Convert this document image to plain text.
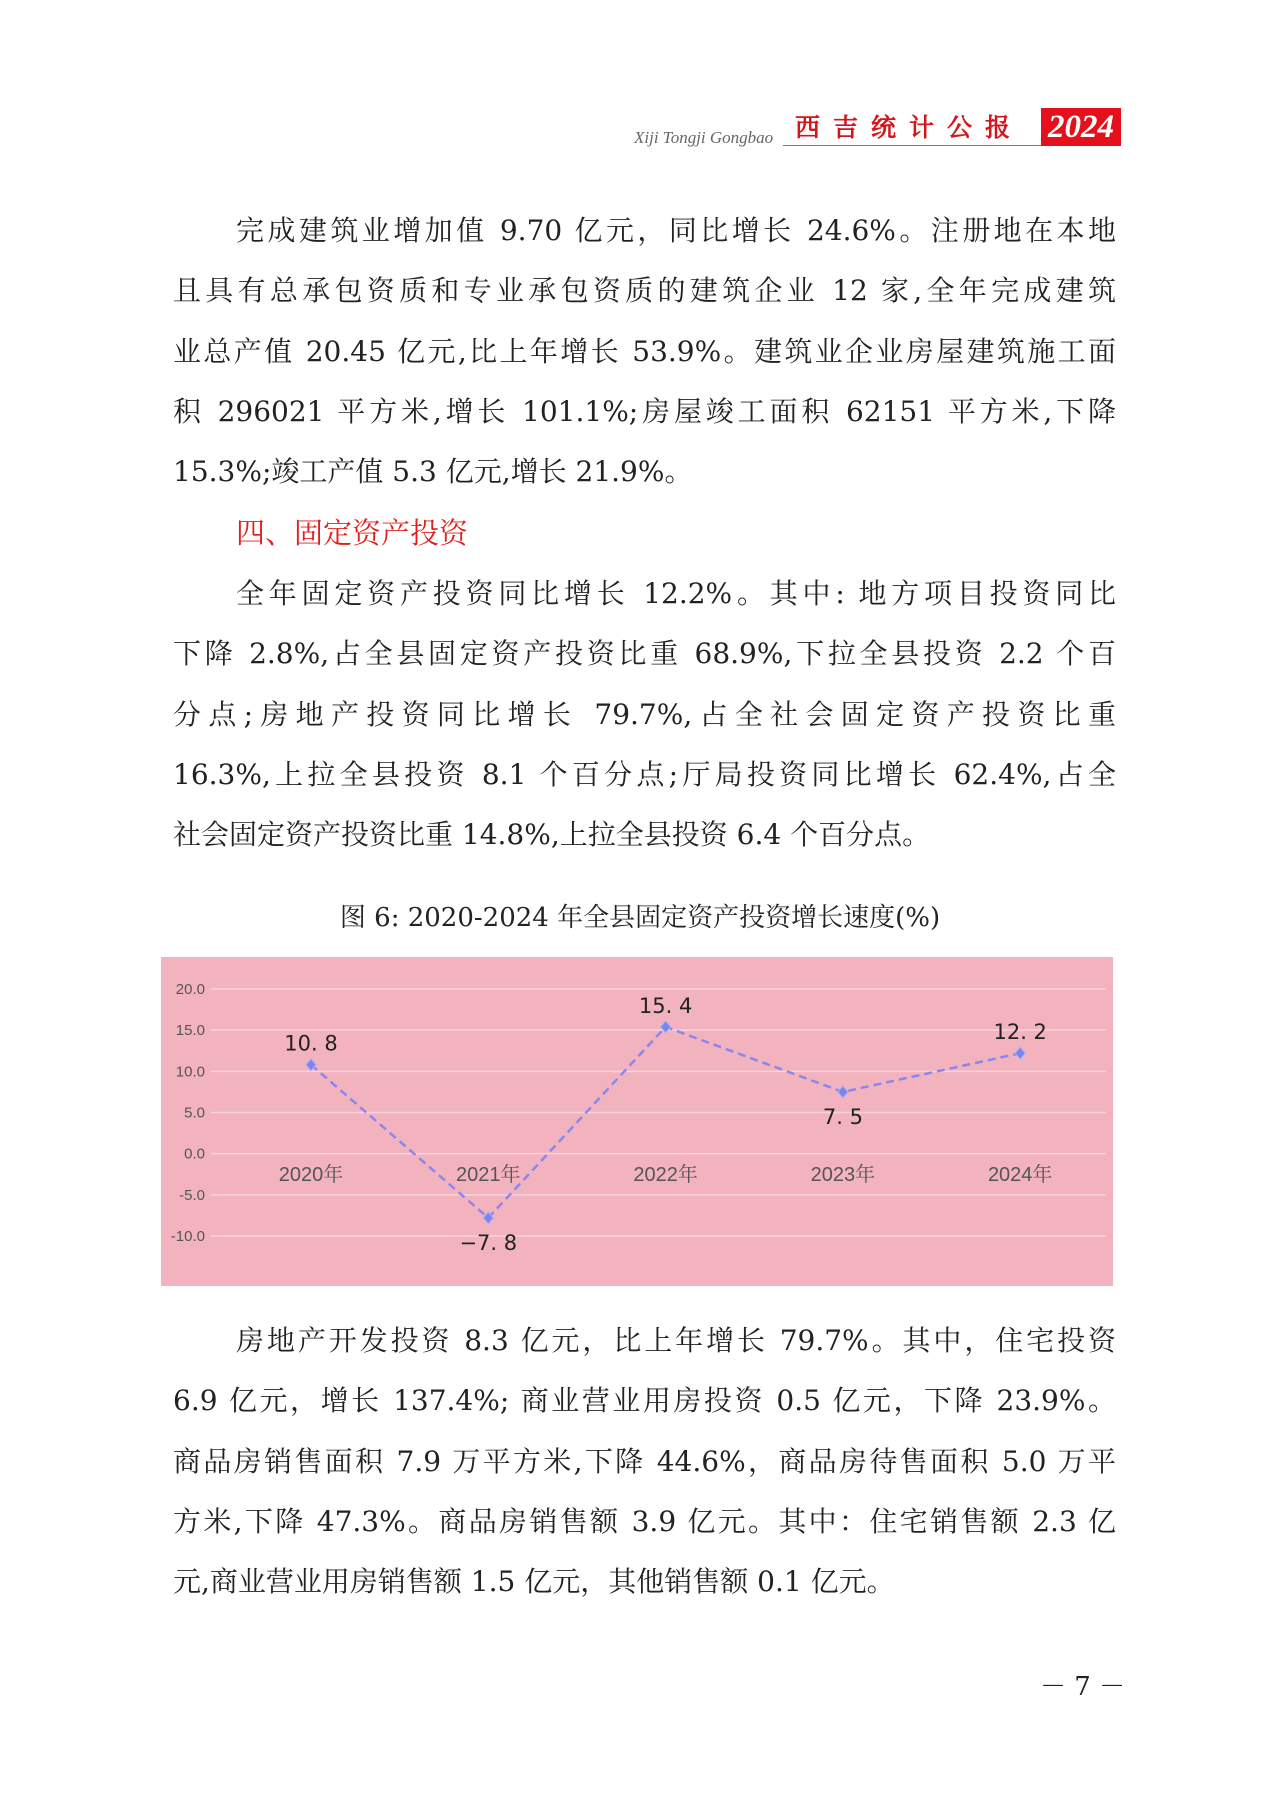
Xiji Tongji Gongbao 西吉统计公报 2024
完成建筑业增加值 9.70 亿元，同比增长 24.6%。注册地在本地
且具有总承包资质和专业承包资质的建筑企业 12 家,全年完成建筑
业总产值 20.45 亿元,比上年增长 53.9%。建筑业企业房屋建筑施工面
积 296021 平方米,增长 101.1%;房屋竣工面积 62151 平方米,下降
15.3%;竣工产值 5.3 亿元,增长 21.9%。
四、固定资产投资
全年固定资产投资同比增长 12.2%。其中: 地方项目投资同比
下降 2.8%,占全县固定资产投资比重 68.9%,下拉全县投资 2.2 个百
分点;房地产投资同比增长 79.7%,占全社会固定资产投资比重
16.3%,上拉全县投资 8.1 个百分点;厅局投资同比增长 62.4%,占全
社会固定资产投资比重 14.8%,上拉全县投资 6.4 个百分点。
图 6: 2020-2024 年全县固定资产投资增长速度(%)
20.0
15.0
10.0
5.0
0.0
-5.0
-10.0
2020年	2021年	2022年	2023年	2024年
10. 8
−7. 8
15. 4
7. 5
12. 2
房地产开发投资 8.3 亿元，比上年增长 79.7%。其中，住宅投资
6.9 亿元，增长 137.4%; 商业营业用房投资 0.5 亿元，下降 23.9%。
商品房销售面积 7.9 万平方米,下降 44.6%，商品房待售面积 5.0 万平
方米,下降 47.3%。商品房销售额 3.9 亿元。其中：住宅销售额 2.3 亿
元,商业营业用房销售额 1.5 亿元，其他销售额 0.1 亿元。
－ 7 －
